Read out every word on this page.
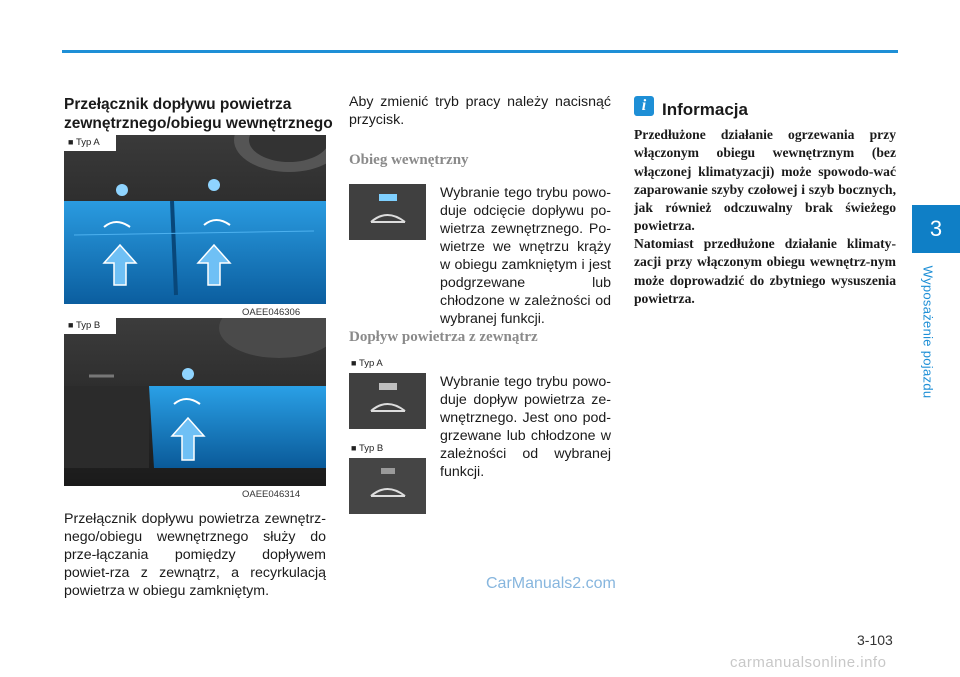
3
Wyposażenie pojazdu
Przełącznik dopływu powietrza
zewnętrznego/obiegu wewnętrznego
■ Typ A
OAEE046306
■ Typ B
OAEE046314
Przełącznik dopływu powietrza zewnętrz-nego/obiegu wewnętrznego służy do prze-łączania pomiędzy dopływem powiet-rza z zewnątrz, a recyrkulacją powietrza w obiegu zamkniętym.
Aby zmienić tryb pracy należy nacisnąć przycisk.
Obieg wewnętrzny
Wybranie tego trybu powo-duje odcięcie dopływu po-wietrza zewnętrznego. Po-wietrze we wnętrzu krąży w obiegu zamkniętym i jest podgrzewane lub chłodzone w zależności od wybranej funkcji.
Dopływ powietrza z zewnątrz
■ Typ A
■ Typ B
Wybranie tego trybu powo-duje dopływ powietrza ze-wnętrznego. Jest ono pod-grzewane lub chłodzone w zależności od wybranej funkcji.
i Informacja
Przedłużone działanie ogrzewania przy włączonym obiegu wewnętrznym (bez włączonej klimatyzacji) może spowodo-wać zaparowanie szyby czołowej i szyb bocznych, jak również odczuwalny brak świeżego powietrza.
Natomiast przedłużone działanie klimaty-zacji przy włączonym obiegu wewnętrz-nym może doprowadzić do zbytniego wysuszenia powietrza.
CarManuals2.com
3-103
carmanualsonline.info
